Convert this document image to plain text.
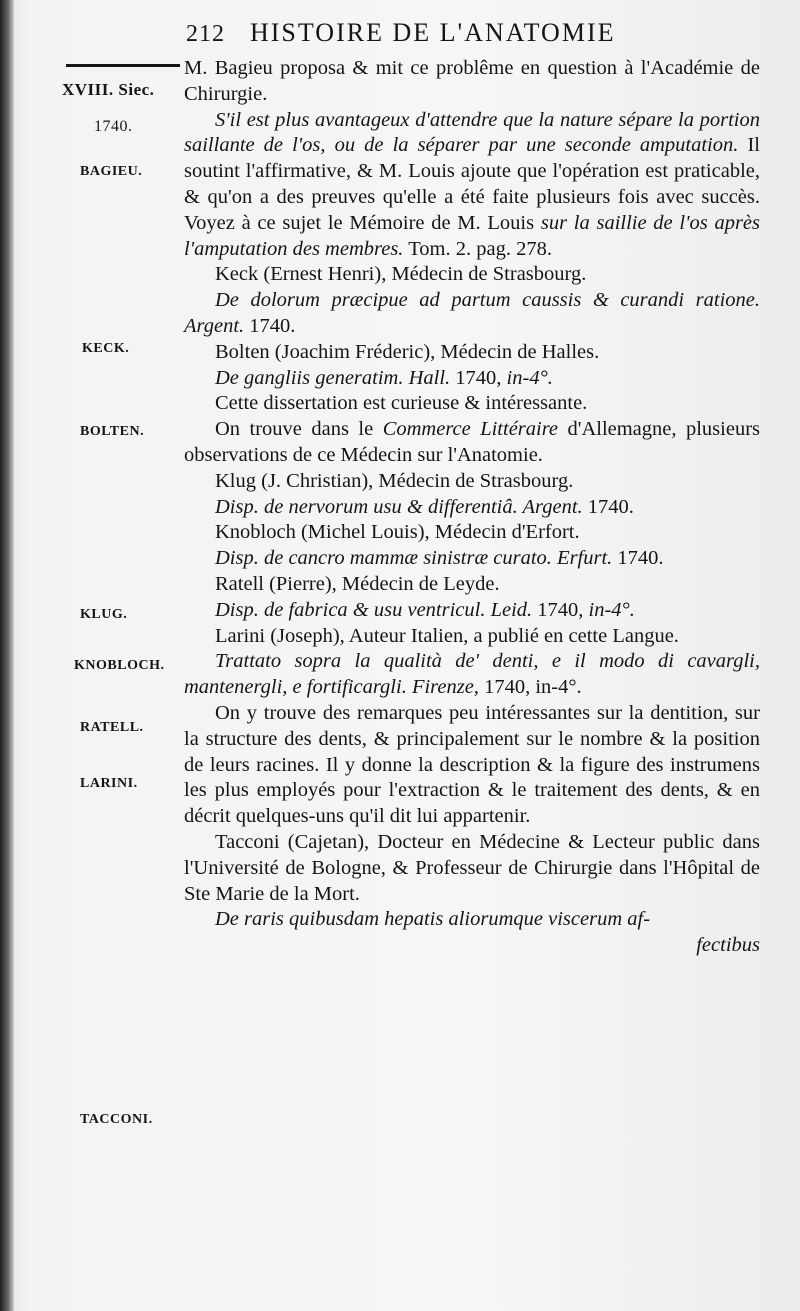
212 HISTOIRE DE L'ANATOMIE
XVIII. Siec.
1740.
BAGIEU.
KECK.
BOLTEN.
KLUG.
KNOBLOCH.
RATELL.
LARINI.
TACCONI.

M. Bagieu proposa & mit ce problême en question à l'Académie de Chirurgie.

S'il est plus avantageux d'attendre que la nature sépare la portion saillante de l'os, ou de la séparer par une seconde amputation. Il soutint l'affirmative, & M. Louis ajoute que l'opération est praticable, & qu'on a des preuves qu'elle a été faite plusieurs fois avec succès. Voyez à ce sujet le Mémoire de M. Louis sur la saillie de l'os après l'amputation des membres. Tom. 2. pag. 278.

Keck (Ernest Henri), Médecin de Strasbourg.

De dolorum præcipue ad partum caussis & curandi ratione. Argent. 1740.

Bolten (Joachim Fréderic), Médecin de Halles.

De gangliis generatim. Hall. 1740, in-4°.

Cette dissertation est curieuse & intéressante.

On trouve dans le Commerce Littéraire d'Allemagne, plusieurs observations de ce Médecin sur l'Anatomie.

Klug (J. Christian), Médecin de Strasbourg.

Disp. de nervorum usu & differentiâ. Argent. 1740.

Knobloch (Michel Louis), Médecin d'Erfort.

Disp. de cancro mammæ sinistræ curato. Erfurt. 1740.

Ratell (Pierre), Médecin de Leyde.

Disp. de fabrica & usu ventricul. Leid. 1740, in-4°.

Larini (Joseph), Auteur Italien, a publié en cette Langue.

Trattato sopra la qualità de' denti, e il modo di cavargli, mantenergli, e fortificargli. Firenze, 1740, in-4°.

On y trouve des remarques peu intéressantes sur la dentition, sur la structure des dents, & principalement sur le nombre & la position de leurs racines. Il y donne la description & la figure des instrumens les plus employés pour l'extraction & le traitement des dents, & en décrit quelques-uns qu'il dit lui appartenir.

Tacconi (Cajetan), Docteur en Médecine & Lecteur public dans l'Université de Bologne, & Professeur de Chirurgie dans l'Hôpital de Ste Marie de la Mort.

De raris quibusdam hepatis aliorumque viscerum af-

fectibus
